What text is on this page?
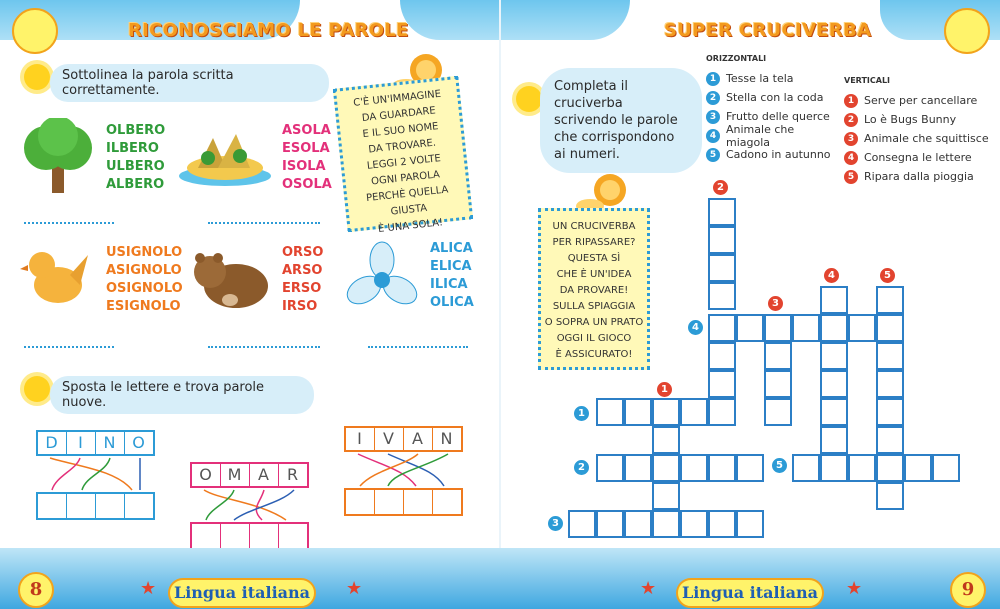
RICONOSCIAMO LE PAROLE
Sottolinea la parola scritta correttamente.
OLBERO
ILBERO
ULBERO
ALBERO
ASOLA
ESOLA
ISOLA
OSOLA
C'È UN'IMMAGINE
DA GUARDARE
E IL SUO NOME
DA TROVARE.
LEGGI 2 VOLTE
OGNI PAROLA
PERCHÈ QUELLA GIUSTA
È UNA SOLA!
USIGNOLO
ASIGNOLO
OSIGNOLO
ESIGNOLO
ORSO
ARSO
ERSO
IRSO
ALICA
ELICA
ILICA
OLICA
Sposta le lettere e trova parole nuove.
D	I	N O
O M A	R
I	V	A	N
SUPER CRUCIVERBA
Completa il cruciverba scrivendo le parole che corrispondono ai numeri.
ORIZZONTALI
1 Tesse la tela
2 Stella con la coda
3 Frutto delle querce
4 Animale che miagola
5 Cadono in autunno
VERTICALI
1 Serve per cancellare
2 Lo è Bugs Bunny
3 Animale che squittisce
4 Consegna le lettere
5 Ripara dalla pioggia
UN CRUCIVERBA
PER RIPASSARE?
QUESTA SÌ
CHE È UN'IDEA
DA PROVARE!
SULLA SPIAGGIA
O SOPRA UN PRATO
OGGI IL GIOCO
È ASSICURATO!
1
2
3
4
5
1
2
3
4	5
8	Lingua italiana	Lingua italiana	9
★	★	★	★
